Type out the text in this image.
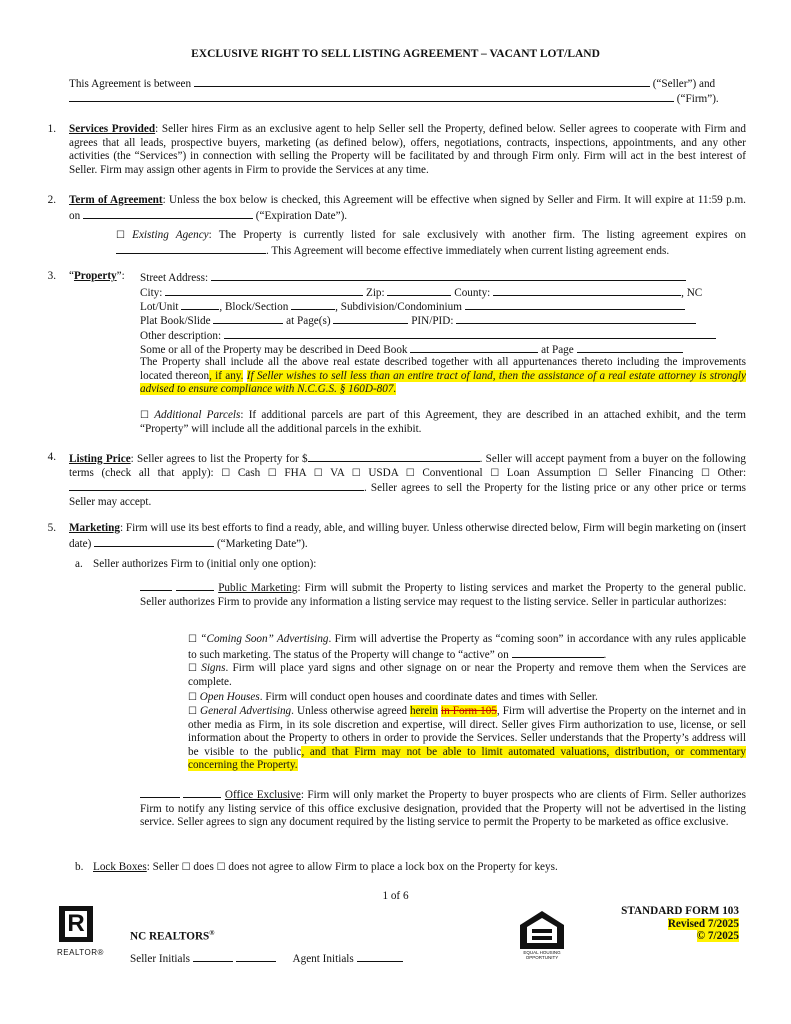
EXCLUSIVE RIGHT TO SELL LISTING AGREEMENT – VACANT LOT/LAND
This Agreement is between	(“Seller”) and
(“Firm”).
1. Services Provided: Seller hires Firm as an exclusive agent to help Seller sell the Property, defined below. Seller agrees to cooperate with Firm and agrees that all leads, prospective buyers, marketing (as defined below), offers, negotiations, contracts, inspections, appointments, and any other activities (the “Services”) in connection with selling the Property will be facilitated by and through Firm only. Firm will act in the best interest of Seller. Firm may assign other agents in Firm to provide the Services at any time.
2. Term of Agreement: Unless the box below is checked, this Agreement will be effective when signed by Seller and Firm. It will expire at 11:59 p.m. on	(“Expiration Date”).
☐ Existing Agency: The Property is currently listed for sale exclusively with another firm. The listing agreement expires on . This Agreement will become effective immediately when current listing agreement ends.
3. “Property”: Street Address:
City:	Zip:	County:	, NC
Lot/Unit	, Block/Section	, Subdivision/Condominium
Plat Book/Slide	at Page(s)	PIN/PID:
Other description:
Some or all of the Property may be described in Deed Book	at Page
The Property shall include all the above real estate described together with all appurtenances thereto including the improvements located thereon, if any. If Seller wishes to sell less than an entire tract of land, then the assistance of a real estate attorney is strongly advised to ensure compliance with N.C.G.S. § 160D-807.
☐ Additional Parcels: If additional parcels are part of this Agreement, they are described in an attached exhibit, and the term “Property” will include all the additional parcels in the exhibit.
4. Listing Price: Seller agrees to list the Property for $	. Seller will accept payment from a buyer on the following terms (check all that apply): ☐ Cash ☐ FHA ☐ VA ☐ USDA ☐ Conventional ☐ Loan Assumption ☐ Seller Financing ☐ Other: . Seller agrees to sell the Property for the listing price or any other price or terms Seller may accept.
5. Marketing: Firm will use its best efforts to find a ready, able, and willing buyer. Unless otherwise directed below, Firm will begin marketing on (insert date)	(“Marketing Date”).
a. Seller authorizes Firm to (initial only one option):
Public Marketing: Firm will submit the Property to listing services and market the Property to the general public. Seller authorizes Firm to provide any information a listing service may request to the listing service. Seller in particular authorizes:
☐ “Coming Soon” Advertising. Firm will advertise the Property as “coming soon” in accordance with any rules applicable to such marketing. The status of the Property will change to “active” on	.
☐ Signs. Firm will place yard signs and other signage on or near the Property and remove them when the Services are complete.
☐ Open Houses. Firm will conduct open houses and coordinate dates and times with Seller.
☐ General Advertising. Unless otherwise agreed herein in Form 105, Firm will advertise the Property on the internet and in other media as Firm, in its sole discretion and expertise, will direct. Seller gives Firm authorization to use, license, or sell information about the Property to others in order to provide the Services. Seller understands that the Property’s address will be visible to the public, and that Firm may not be able to limit automated valuations, distribution, or commentary concerning the Property.
Office Exclusive: Firm will only market the Property to buyer prospects who are clients of Firm. Seller authorizes Firm to notify any listing service of this office exclusive designation, provided that the Property will not be advertised in the listing service. Seller agrees to sign any document required by the listing service to permit the Property to be marketed as office exclusive.
b. Lock Boxes: Seller ☐ does ☐ does not agree to allow Firm to place a lock box on the Property for keys.
1 of 6
R
REALTOR®
NC REALTORS®
Seller Initials	Agent Initials
EQUAL HOUSING OPPORTUNITY
STANDARD FORM 103
Revised 7/2025
© 7/2025
